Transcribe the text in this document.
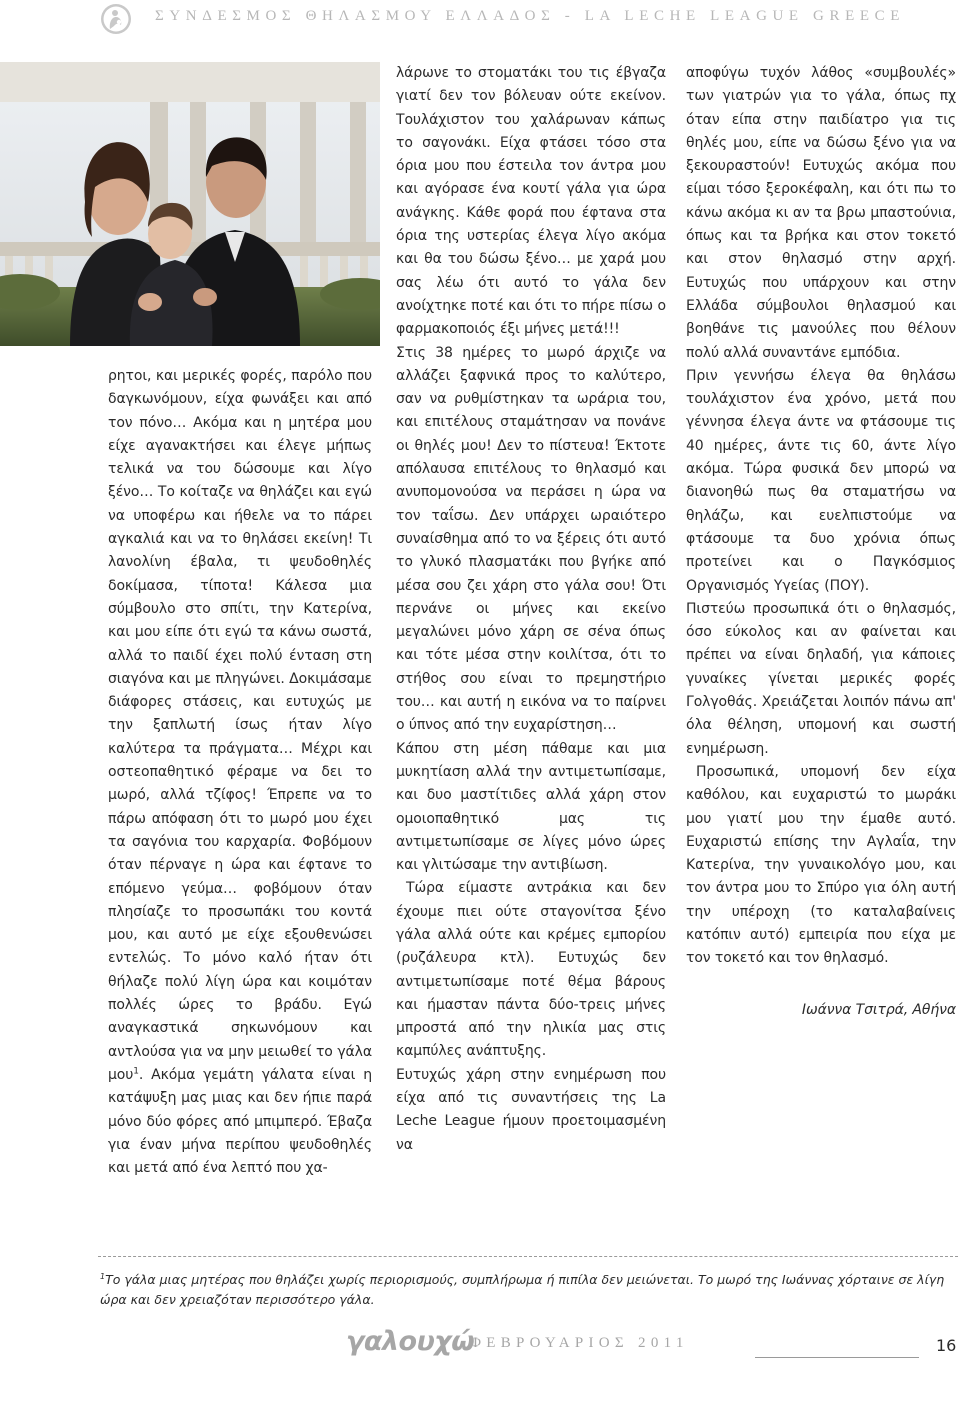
ΣΥΝΔΕΣΜΟΣ ΘΗΛΑΣΜΟΥ ΕΛΛΑΔΟΣ - LA LECHE LEAGUE GREECE

ρητοι, και μερικές φορές, παρόλο που δαγκωνόμουν, είχα φωνάξει και από τον πόνο… Ακόμα και η μητέρα μου είχε αγανακτήσει και έλεγε μήπως τελικά να του δώσουμε και λίγο ξένο… Το κοίταζε να θηλάζει και εγώ να υποφέρω και ήθελε να το πάρει αγκαλιά και να το θηλάσει εκείνη! Τι λανολίνη έβαλα, τι ψευδοθηλές δοκίμασα, τίποτα! Κάλεσα μια σύμβουλο στο σπίτι, την Κατερίνα, και μου είπε ότι εγώ τα κάνω σωστά, αλλά το παιδί έχει πολύ ένταση στη σιαγόνα και με πληγώνει. Δοκιμάσαμε διάφορες στάσεις, και ευτυχώς με την ξαπλωτή ίσως ήταν λίγο καλύτερα τα πράγματα… Μέχρι και οστεοπαθητικό φέραμε να δει το μωρό, αλλά τζίφος! Έπρεπε να το πάρω απόφαση ότι το μωρό μου έχει τα σαγόνια του καρχαρία. Φοβόμουν όταν πέρναγε η ώρα και έφτανε το επόμενο γεύμα… φοβόμουν όταν πλησίαζε το προσωπάκι του κοντά μου, και αυτό με είχε εξουθενώσει εντελώς. Το μόνο καλό ήταν ότι θήλαζε πολύ λίγη ώρα και κοιμόταν πολλές ώρες το βράδυ. Εγώ αναγκαστικά σηκωνόμουν και αντλούσα για να μην μειωθεί το γάλα μου$^1$. Ακόμα γεμάτη γάλατα είναι η κατάψυξη μας μιας και δεν ήπιε παρά μόνο δύο φόρες από μπιμπερό. Έβαζα για έναν μήνα περίπου ψευδοθηλές και μετά από ένα λεπτό που χα-

λάρωνε το στοματάκι του τις έβγαζα γιατί δεν τον βόλευαν ούτε εκείνον. Τουλάχιστον του χαλάρωναν κάπως το σαγονάκι. Είχα φτάσει τόσο στα όρια μου που έστειλα τον άντρα μου και αγόρασε ένα κουτί γάλα για ώρα ανάγκης. Κάθε φορά που έφτανα στα όρια της υστερίας έλεγα λίγο ακόμα και θα του δώσω ξένο… με χαρά μου σας λέω ότι αυτό το γάλα δεν ανοίχτηκε ποτέ και ότι το πήρε πίσω ο φαρμακοποιός έξι μήνες μετά!!!

Στις 38 ημέρες το μωρό άρχιζε να αλλάζει ξαφνικά προς το καλύτερο, σαν να ρυθμίστηκαν τα ωράρια του, και επιτέλους σταμάτησαν να πονάνε οι θηλές μου! Δεν το πίστευα! Έκτοτε απόλαυσα επιτέλους το θηλασμό και ανυπομονούσα να περάσει η ώρα να τον ταΐσω. Δεν υπάρχει ωραιότερο συναίσθημα από το να ξέρεις ότι αυτό το γλυκό πλασματάκι που βγήκε από μέσα σου ζει χάρη στο γάλα σου! Ότι περνάνε οι μήνες και εκείνο μεγαλώνει μόνο χάρη σε σένα όπως και τότε μέσα στην κοιλίτσα, ότι το στήθος σου είναι το πρεμηστήριο του… και αυτή η εικόνα να το παίρνει ο ύπνος από την ευχαρίστηση…

Κάπου στη μέση πάθαμε και μια μυκητίαση αλλά την αντιμετωπίσαμε, και δυο μαστίτιδες αλλά χάρη στον ομοιοπαθητικό μας τις αντιμετωπίσαμε σε λίγες μόνο ώρες και γλιτώσαμε την αντιβίωση.

Τώρα είμαστε αντράκια και δεν έχουμε πιει ούτε σταγονίτσα ξένο γάλα αλλά ούτε και κρέμες εμπορίου (ρυζάλευρα κτλ). Ευτυχώς δεν αντιμετωπίσαμε ποτέ θέμα βάρους και ήμασταν πάντα δύο-τρεις μήνες μπροστά από την ηλικία μας στις καμπύλες ανάπτυξης.

Ευτυχώς χάρη στην ενημέρωση που είχα από τις συναντήσεις της La Leche League ήμουν προετοιμασμένη να

αποφύγω τυχόν λάθος «συμβουλές» των γιατρών για το γάλα, όπως πχ όταν είπα στην παιδίατρο για τις θηλές μου, είπε να δώσω ξένο για να ξεκουραστούν! Ευτυχώς ακόμα που είμαι τόσο ξεροκέφαλη, και ότι πω το κάνω ακόμα κι αν τα βρω μπαστούνια, όπως και τα βρήκα και στον τοκετό και στον θηλασμό στην αρχή. Ευτυχώς που υπάρχουν και στην Ελλάδα σύμβουλοι θηλασμού και βοηθάνε τις μανούλες που θέλουν πολύ αλλά συναντάνε εμπόδια.

Πριν γεννήσω έλεγα θα θηλάσω τουλάχιστον ένα χρόνο, μετά που γέννησα έλεγα άντε να φτάσουμε τις 40 ημέρες, άντε τις 60, άντε λίγο ακόμα. Τώρα φυσικά δεν μπορώ να διανοηθώ πως θα σταματήσω να θηλάζω, και ευελπιστούμε να φτάσουμε τα δυο χρόνια όπως προτείνει και ο Παγκόσμιος Οργανισμός Υγείας (ΠΟΥ).

Πιστεύω προσωπικά ότι ο θηλασμός, όσο εύκολος και αν φαίνεται και πρέπει να είναι δηλαδή, για κάποιες γυναίκες γίνεται μερικές φορές Γολγοθάς. Χρειάζεται λοιπόν πάνω απ' όλα θέληση, υπομονή και σωστή ενημέρωση.

Προσωπικά, υπομονή δεν είχα καθόλου, και ευχαριστώ το μωράκι μου γιατί μου την έμαθε αυτό. Ευχαριστώ επίσης την Αγλαΐα, την Κατερίνα, την γυναικολόγο μου, και τον άντρα μου το Σπύρο για όλη αυτή την υπέροχη (το καταλαβαίνεις κατόπιν αυτό) εμπειρία που είχα με τον τοκετό και τον θηλασμό.

Ιωάννα Τσιτρά, Αθήνα

$^1$Το γάλα μιας μητέρας που θηλάζει χωρίς περιορισμούς, συμπλήρωμα ή πιπίλα δεν μειώνεται. Το μωρό της Ιωάννας χόρταινε σε λίγη ώρα και δεν χρειαζόταν περισσότερο γάλα.
γαλουχώ
ΦΕΒΡΟΥΑΡΙΟΣ 2011	16
